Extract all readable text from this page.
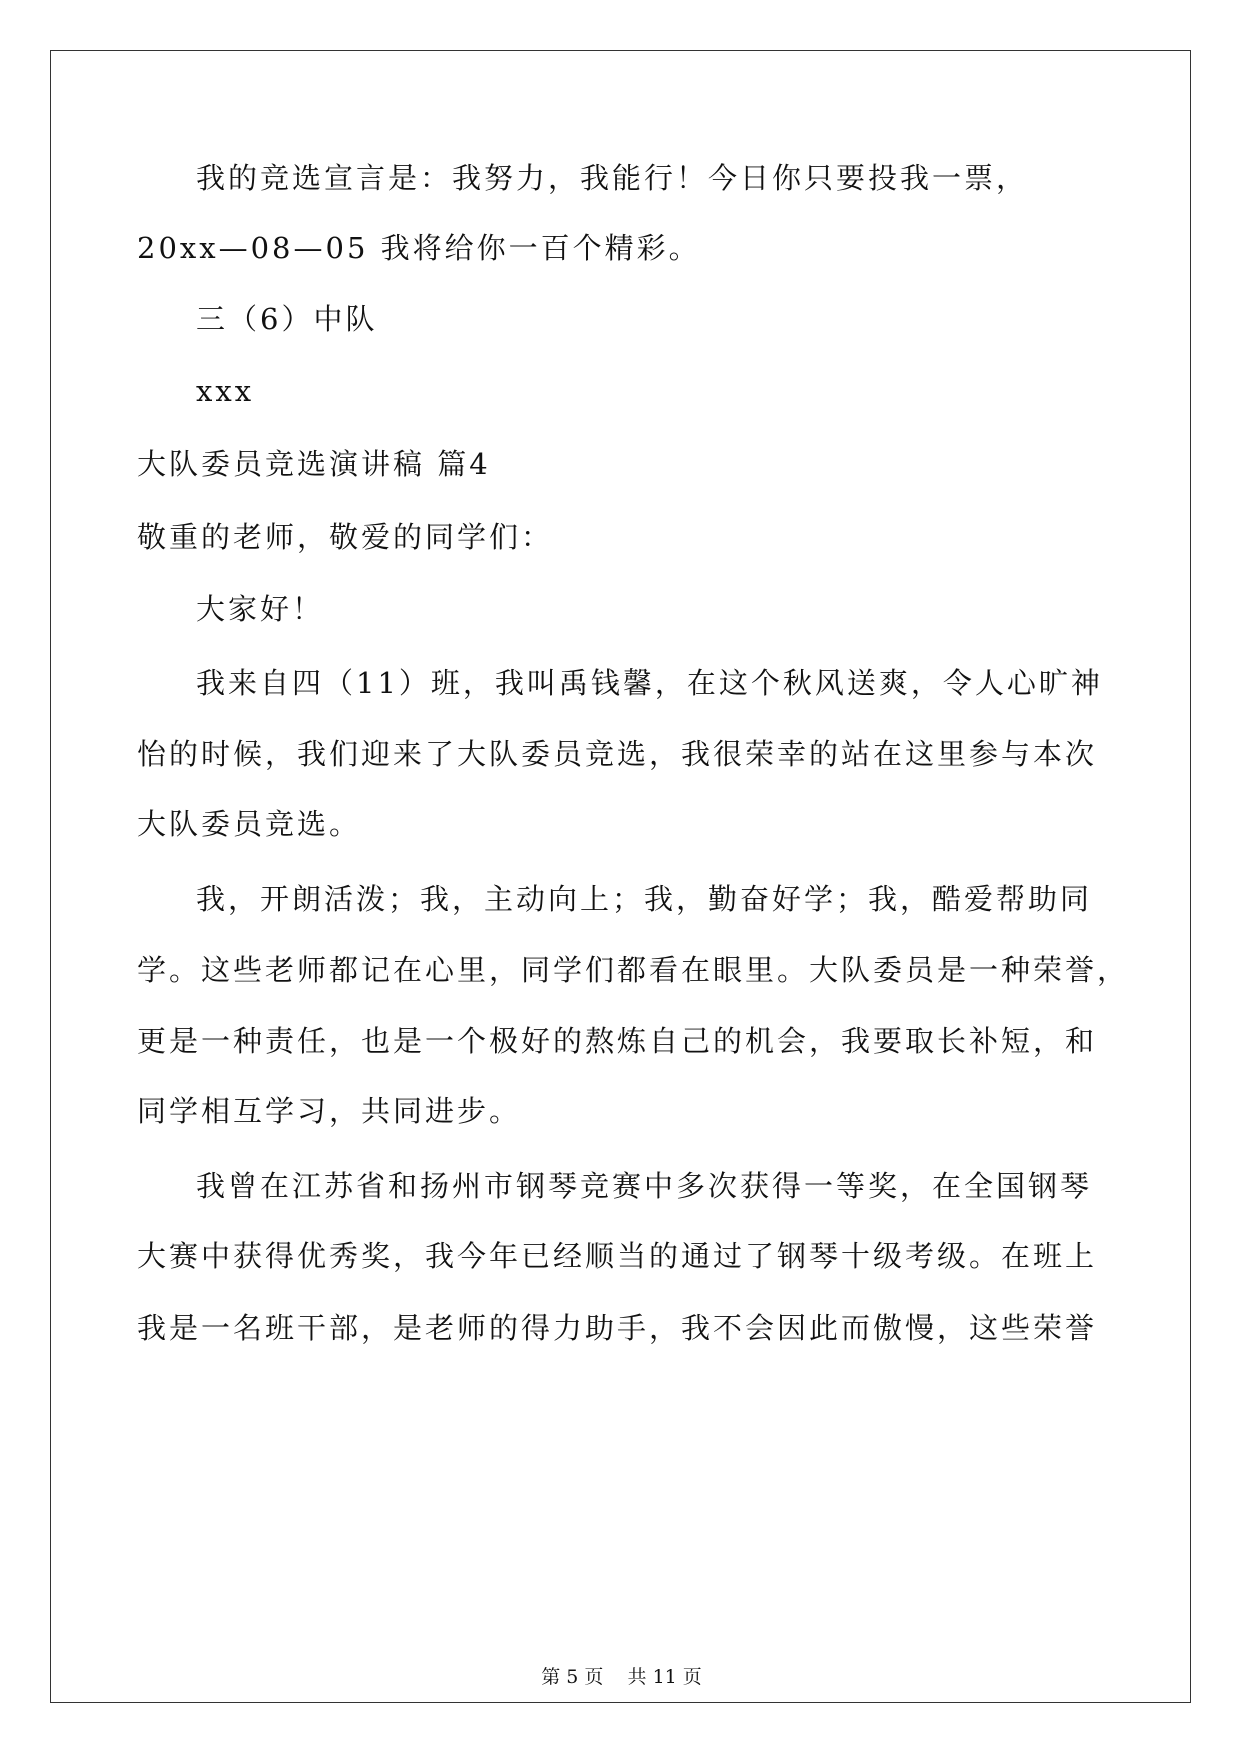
我的竞选宣言是：我努力，我能行！今日你只要投我一票，
20xx—08—05 我将给你一百个精彩。
三（6）中队
xxx
大队委员竞选演讲稿 篇4
敬重的老师，敬爱的同学们：
大家好！
我来自四（11）班，我叫禹钱馨，在这个秋风送爽，令人心旷神
怡的时候，我们迎来了大队委员竞选，我很荣幸的站在这里参与本次
大队委员竞选。
我，开朗活泼；我，主动向上；我，勤奋好学；我，酷爱帮助同
学。这些老师都记在心里，同学们都看在眼里。大队委员是一种荣誉，
更是一种责任，也是一个极好的熬炼自己的机会，我要取长补短，和
同学相互学习，共同进步。
我曾在江苏省和扬州市钢琴竞赛中多次获得一等奖，在全国钢琴
大赛中获得优秀奖，我今年已经顺当的通过了钢琴十级考级。在班上
我是一名班干部，是老师的得力助手，我不会因此而傲慢，这些荣誉
第 5 页    共 11 页
